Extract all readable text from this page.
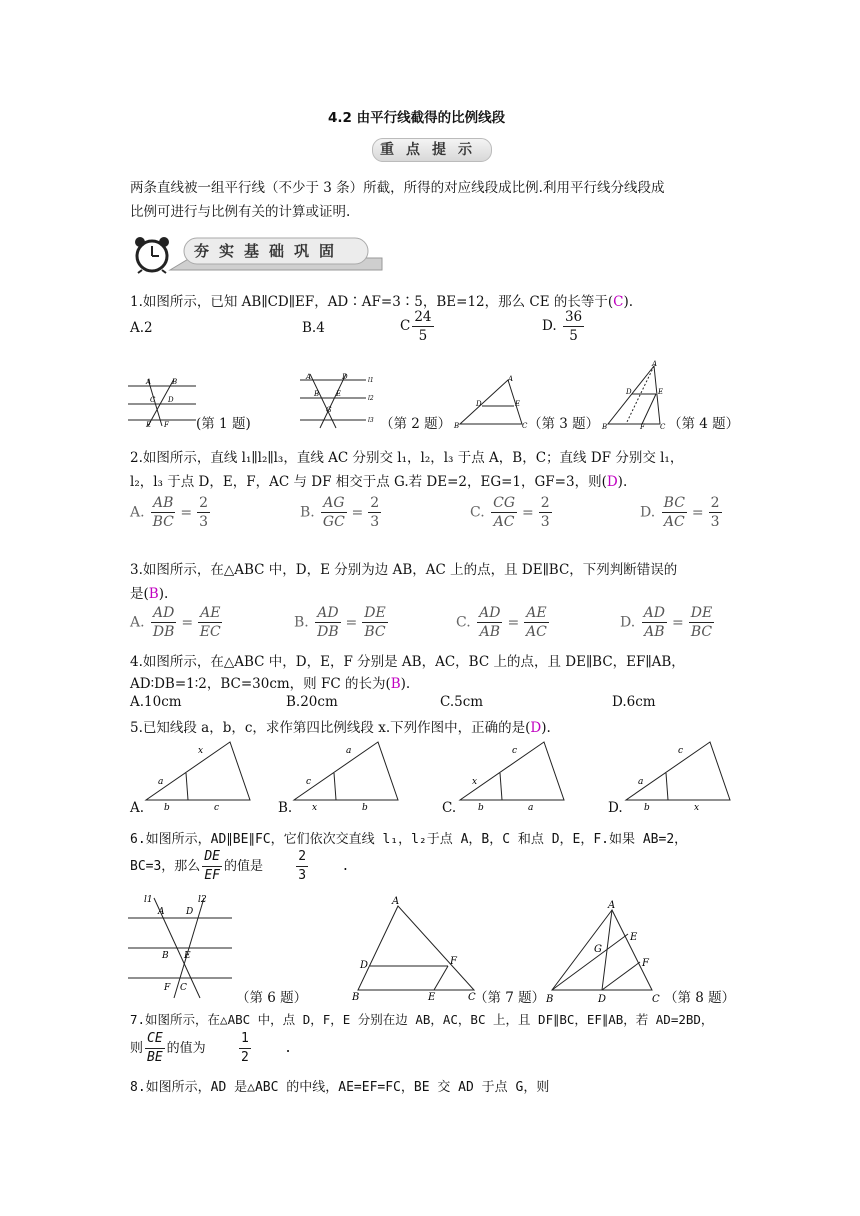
4.2 由平行线截得的比例线段
重点提示
两条直线被一组平行线（不少于 3 条）所截，所得的对应线段成比例.利用平行线分线段成
比例可进行与比例有关的计算或证明.
夯实基础巩固
1.如图所示，已知 AB∥CD∥EF，AD∶AF=3∶5，BE=12，那么 CE 的长等于(C).
A.2	B.4	C $\frac{24}{5}$	D. $\frac{36}{5}$
A	B
C D
E F (第 1 题)
A	D
B E
G
l1
l2
l3 （第 2 题）
A
D	E
B	C （第 3 题）
A
D	E
B	F C （第 4 题）
2.如图所示，直线 l₁∥l₂∥l₃，直线 AC 分别交 l₁，l₂，l₃ 于点 A，B，C；直线 DF 分别交 l₁，
l₂，l₃ 于点 D，E，F，AC 与 DF 相交于点 G.若 DE=2，EG=1，GF=3，则(D).
A. $\frac{AB}{BC} = \frac{2}{3}$	B. $\frac{AG}{GC} = \frac{2}{3}$	C. $\frac{CG}{AC} = \frac{2}{3}$	D. $\frac{BC}{AC} = \frac{2}{3}$
3.如图所示，在△ABC 中，D，E 分别为边 AB，AC 上的点，且 DE∥BC，下列判断错误的
是(B).
A. $\frac{AD}{DB} = \frac{AE}{EC}$	B. $\frac{AD}{DB} = \frac{DE}{BC}$	C. $\frac{AD}{AB} = \frac{AE}{AC}$	D. $\frac{AD}{AB} = \frac{DE}{BC}$
4.如图所示，在△ABC 中，D，E，F 分别是 AB，AC，BC 上的点，且 DE∥BC，EF∥AB，
AD∶DB=1∶2，BC=30cm，则 FC 的长为(B).
A.10cm	B.20cm	C.5cm	D.6cm
5.已知线段 a，b，c，求作第四比例线段 x.下列作图中，正确的是(D).
x
a
b	c
A.
a
c
x	b
B.
c
x
b	a
C.
c
a
b	x
D.
6.如图所示，AD∥BE∥FC，它们依次交直线 l₁，l₂于点 A，B，C 和点 D，E，F.如果 AB=2，
BC=3，那么 $\frac{DE}{EF}$ 的值是	$\frac{2}{3}$	.
l1	l2
A D
B E
F C
（第 6 题）
A
D	F
B	E	C
（第 7 题）
A
G
E
F
B	D	C （第 8 题）
7.如图所示，在△ABC 中，点 D，F，E 分别在边 AB，AC，BC 上，且 DF∥BC，EF∥AB，若 AD=2BD，
则 $\frac{CE}{BE}$ 的值为	$\frac{1}{2}$	.
8.如图所示，AD 是△ABC 的中线，AE=EF=FC，BE 交 AD 于点 G，则
